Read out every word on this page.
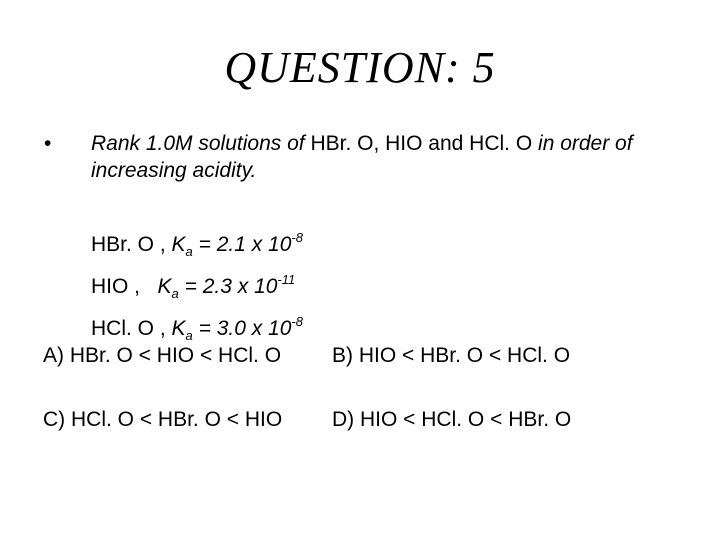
QUESTION: 5
•	Rank 1.0M solutions of HBr. O, HIO and HCl. O in order of increasing acidity.
HBr. O , $K_a = 2.1$ x $10^{-8}$
HIO ,   $K_a = 2.3$ x $10^{-11}$
HCl. O , $K_a = 3.0$ x $10^{-8}$
A) HBr. O < HIO < HCl. O B) HIO < HBr. O < HCl. O
C) HCl. O < HBr. O < HIO D) HIO < HCl. O < HBr. O
